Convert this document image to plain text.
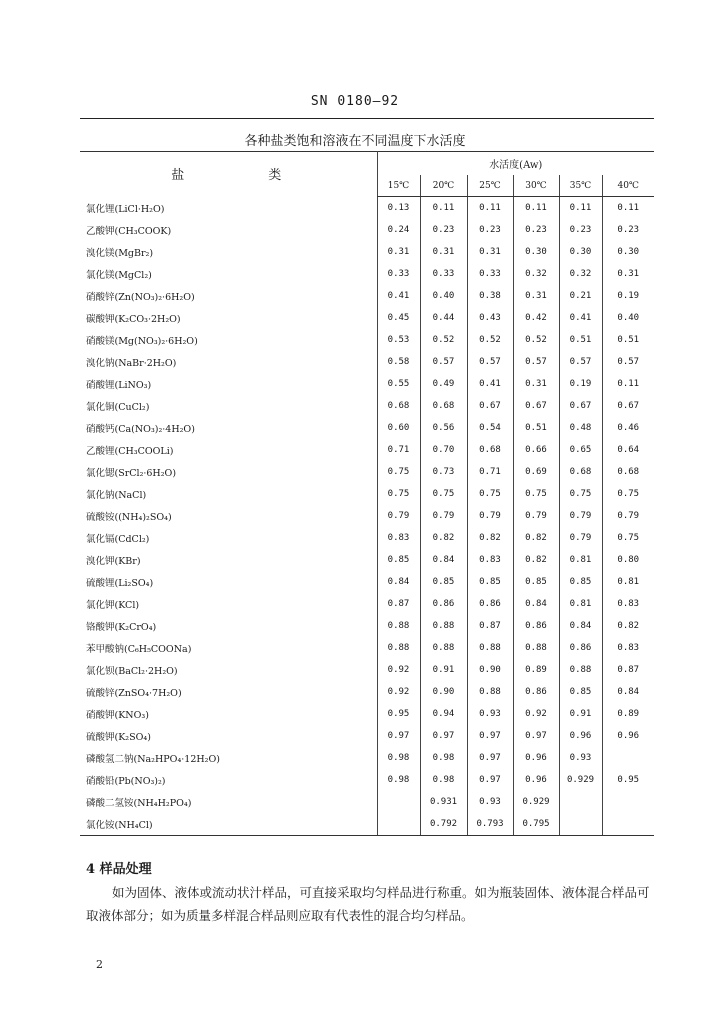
SN 0180—92
各种盐类饱和溶液在不同温度下水活度
盐 类	水活度(Aw)					
	15℃	20℃	25℃	30℃	35℃	40℃
氯化锂(LiCl·H₂O)	0.13	0.11	0.11	0.11	0.11	0.11
乙酸钾(CH₃COOK)	0.24	0.23	0.23	0.23	0.23	0.23
溴化镁(MgBr₂)	0.31	0.31	0.31	0.30	0.30	0.30
氯化镁(MgCl₂)	0.33	0.33	0.33	0.32	0.32	0.31
硝酸锌(Zn(NO₃)₂·6H₂O)	0.41	0.40	0.38	0.31	0.21	0.19
碳酸钾(K₂CO₃·2H₂O)	0.45	0.44	0.43	0.42	0.41	0.40
硝酸镁(Mg(NO₃)₂·6H₂O)	0.53	0.52	0.52	0.52	0.51	0.51
溴化钠(NaBr·2H₂O)	0.58	0.57	0.57	0.57	0.57	0.57
硝酸锂(LiNO₃)	0.55	0.49	0.41	0.31	0.19	0.11
氯化铜(CuCl₂)	0.68	0.68	0.67	0.67	0.67	0.67
硝酸钙(Ca(NO₃)₂·4H₂O)	0.60	0.56	0.54	0.51	0.48	0.46
乙酸锂(CH₃COOLi)	0.71	0.70	0.68	0.66	0.65	0.64
氯化锶(SrCl₂·6H₂O)	0.75	0.73	0.71	0.69	0.68	0.68
氯化钠(NaCl)	0.75	0.75	0.75	0.75	0.75	0.75
硫酸铵((NH₄)₂SO₄)	0.79	0.79	0.79	0.79	0.79	0.79
氯化镉(CdCl₂)	0.83	0.82	0.82	0.82	0.79	0.75
溴化钾(KBr)	0.85	0.84	0.83	0.82	0.81	0.80
硫酸锂(Li₂SO₄)	0.84	0.85	0.85	0.85	0.85	0.81
氯化钾(KCl)	0.87	0.86	0.86	0.84	0.81	0.83
铬酸钾(K₂CrO₄)	0.88	0.88	0.87	0.86	0.84	0.82
苯甲酸钠(C₆H₅COONa)	0.88	0.88	0.88	0.88	0.86	0.83
氯化钡(BaCl₂·2H₂O)	0.92	0.91	0.90	0.89	0.88	0.87
硫酸锌(ZnSO₄·7H₂O)	0.92	0.90	0.88	0.86	0.85	0.84
硝酸钾(KNO₃)	0.95	0.94	0.93	0.92	0.91	0.89
硫酸钾(K₂SO₄)	0.97	0.97	0.97	0.97	0.96	0.96
磷酸氢二钠(Na₂HPO₄·12H₂O)	0.98	0.98	0.97	0.96	0.93	
硝酸铅(Pb(NO₃)₂)	0.98	0.98	0.97	0.96	0.929	0.95
磷酸二氢铵(NH₄H₂PO₄)		0.931	0.93	0.929		
氯化铵(NH₄Cl)		0.792	0.793	0.795		
4 样品处理
如为固体、液体或流动状汁样品，可直接采取均匀样品进行称重。如为瓶装固体、液体混合样品可取液体部分；如为质量多样混合样品则应取有代表性的混合均匀样品。
2
